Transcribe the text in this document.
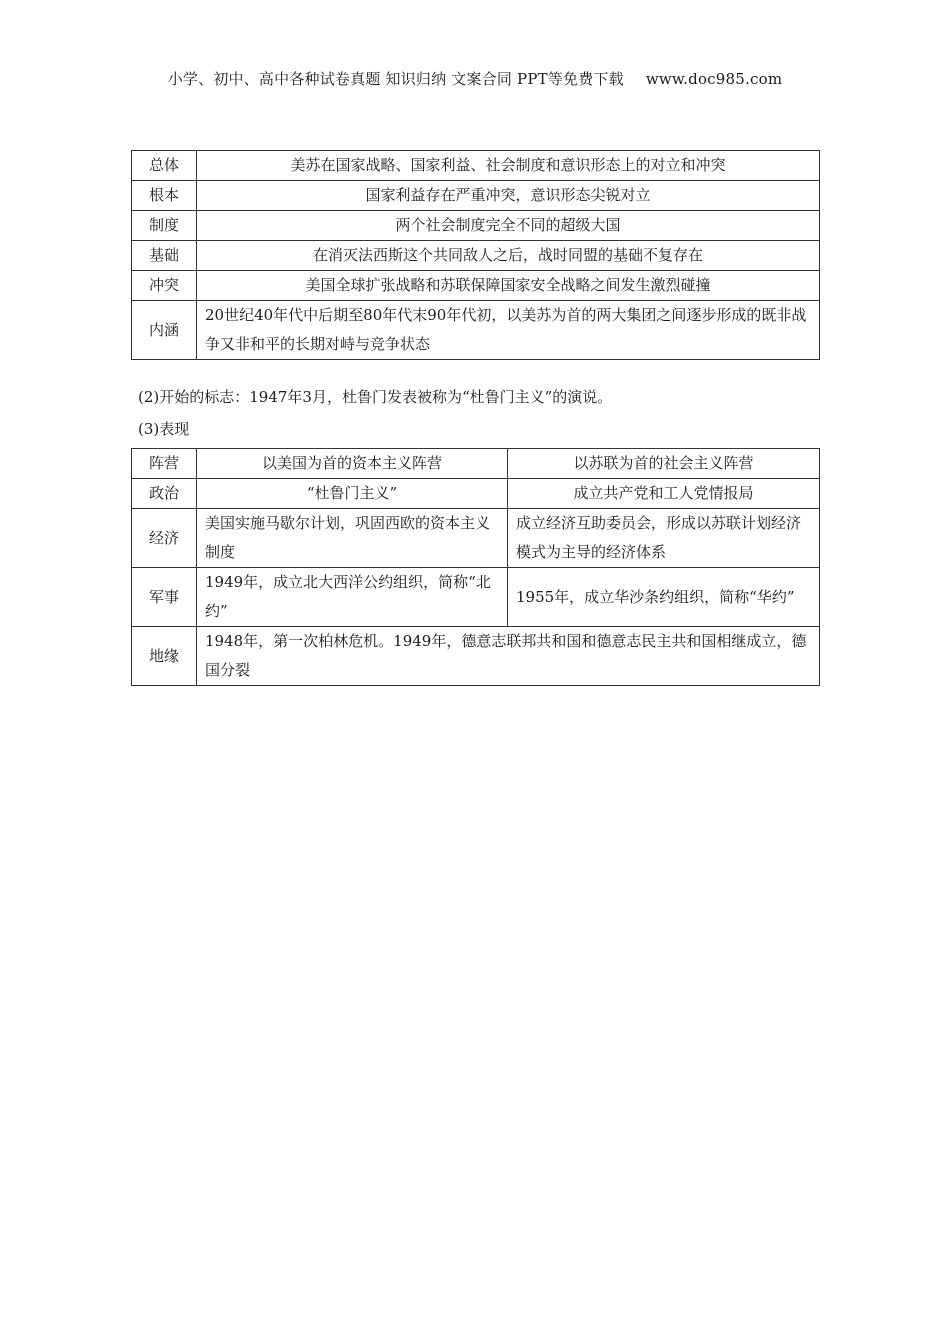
小学、初中、高中各种试卷真题 知识归纳 文案合同 PPT等免费下载 www.doc985.com
总体	美苏在国家战略、国家利益、社会制度和意识形态上的对立和冲突
根本	国家利益存在严重冲突，意识形态尖锐对立
制度	两个社会制度完全不同的超级大国
基础	在消灭法西斯这个共同敌人之后，战时同盟的基础不复存在
冲突	美国全球扩张战略和苏联保障国家安全战略之间发生激烈碰撞
内涵	20世纪40年代中后期至80年代末90年代初，以美苏为首的两大集团之间逐步形成的既非战争又非和平的长期对峙与竞争状态
(2)开始的标志：1947年3月，杜鲁门发表被称为“杜鲁门主义”的演说。
(3)表现
阵营	以美国为首的资本主义阵营	以苏联为首的社会主义阵营
政治	“杜鲁门主义”	成立共产党和工人党情报局
经济	美国实施马歇尔计划，巩固西欧的资本主义制度	成立经济互助委员会，形成以苏联计划经济模式为主导的经济体系
军事	1949年，成立北大西洋公约组织，简称“北约”	1955年，成立华沙条约组织，简称“华约”
地缘	1948年，第一次柏林危机。1949年，德意志联邦共和国和德意志民主共和国相继成立，德国分裂	
